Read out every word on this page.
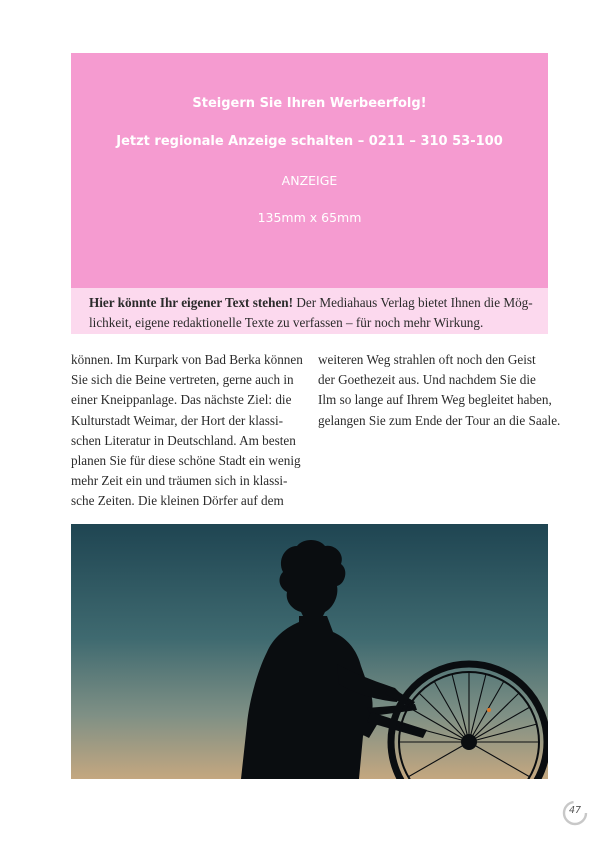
Steigern Sie Ihren Werbeerfolg!
Jetzt regionale Anzeige schalten – 0211 – 310 53-100
ANZEIGE
135mm x 65mm
Hier könnte Ihr eigener Text stehen! Der Mediahaus Verlag bietet Ihnen die Mög-
lichkeit, eigene redaktionelle Texte zu verfassen – für noch mehr Wirkung.
können. Im Kurpark von Bad Berka können
Sie sich die Beine vertreten, gerne auch in
einer Kneippanlage. Das nächste Ziel: die
Kulturstadt Weimar, der Hort der klassi-
schen Literatur in Deutschland. Am besten
planen Sie für diese schöne Stadt ein wenig
mehr Zeit ein und träumen sich in klassi-
sche Zeiten. Die kleinen Dörfer auf dem
weiteren Weg strahlen oft noch den Geist
der Goethezeit aus. Und nachdem Sie die
Ilm so lange auf Ihrem Weg begleitet haben,
gelangen Sie zum Ende der Tour an die Saale.
47
